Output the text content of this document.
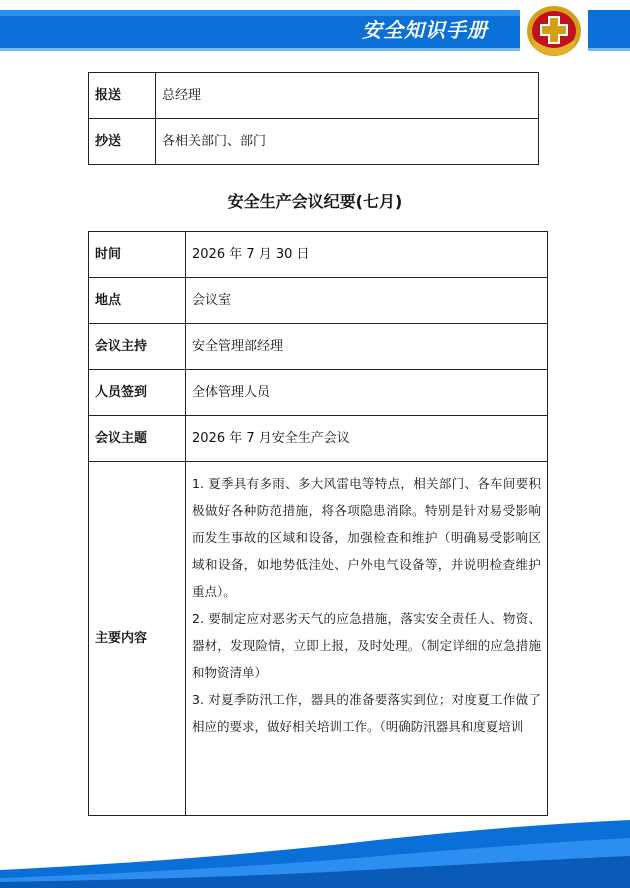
安全知识手册
报送	总经理
抄送	各相关部门、部门
安全生产会议纪要(七月)
时间	2026 年 7 月 30 日
地点	会议室
会议主持	安全管理部经理
人员签到	全体管理人员
会议主题	2026 年 7 月安全生产会议
主要内容	1. 夏季具有多雨、多大风雷电等特点，相关部门、各车间要积极做好各种防范措施，将各项隐患消除。特别是针对易受影响而发生事故的区域和设备，加强检查和维护（明确易受影响区域和设备，如地势低洼处、户外电气设备等，并说明检查维护重点）。

2. 要制定应对恶劣天气的应急措施，落实安全责任人、物资、器材，发现险情，立即上报，及时处理。（制定详细的应急措施和物资清单）

3. 对夏季防汛工作，器具的准备要落实到位；对度夏工作做了相应的要求，做好相关培训工作。（明确防汛器具和度夏培训
